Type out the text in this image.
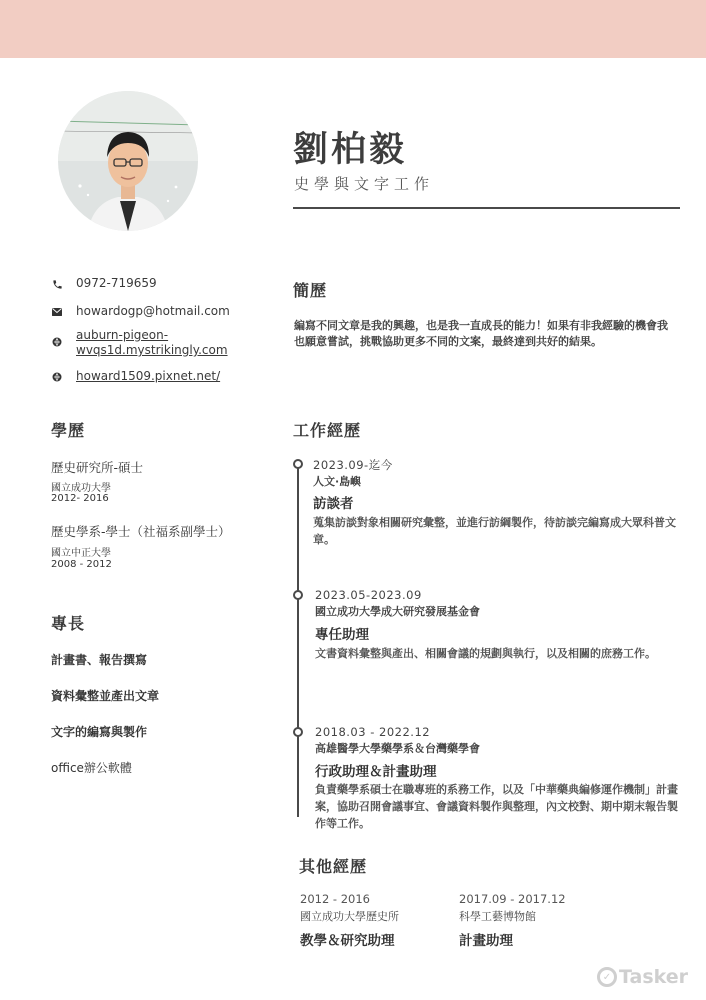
劉柏毅
史學與文字工作
0972-719659
howardogp@hotmail.com
auburn-pigeon-
wvqs1d.mystrikingly.com
howard1509.pixnet.net/
學歷
歷史研究所-碩士
國立成功大學
2012- 2016
歷史學系-學士（社福系副學士）
國立中正大學
2008 - 2012
專長
計畫書、報告撰寫
資料彙整並產出文章
文字的編寫與製作
office辦公軟體
簡歷
編寫不同文章是我的興趣，也是我一直成長的能力！如果有非我經驗的機會我也願意嘗試，挑戰協助更多不同的文案，最終達到共好的結果。
工作經歷
2023.09-迄今
人文·島嶼
訪談者
蒐集訪談對象相關研究彙整，並進行訪綱製作，待訪談完編寫成大眾科普文章。
2023.05-2023.09
國立成功大學成大研究發展基金會
專任助理
文書資料彙整與產出、相關會議的規劃與執行，以及相關的庶務工作。
2018.03 - 2022.12
高雄醫學大學藥學系＆台灣藥學會
行政助理＆計畫助理
負責藥學系碩士在職專班的系務工作，以及「中華藥典編修運作機制」計畫案，協助召開會議事宜、會議資料製作與整理，內文校對、期中期末報告製作等工作。
其他經歷
2012 - 2016
國立成功大學歷史所
教學＆研究助理
2017.09 - 2017.12
科學工藝博物館
計畫助理
✓ Tasker
